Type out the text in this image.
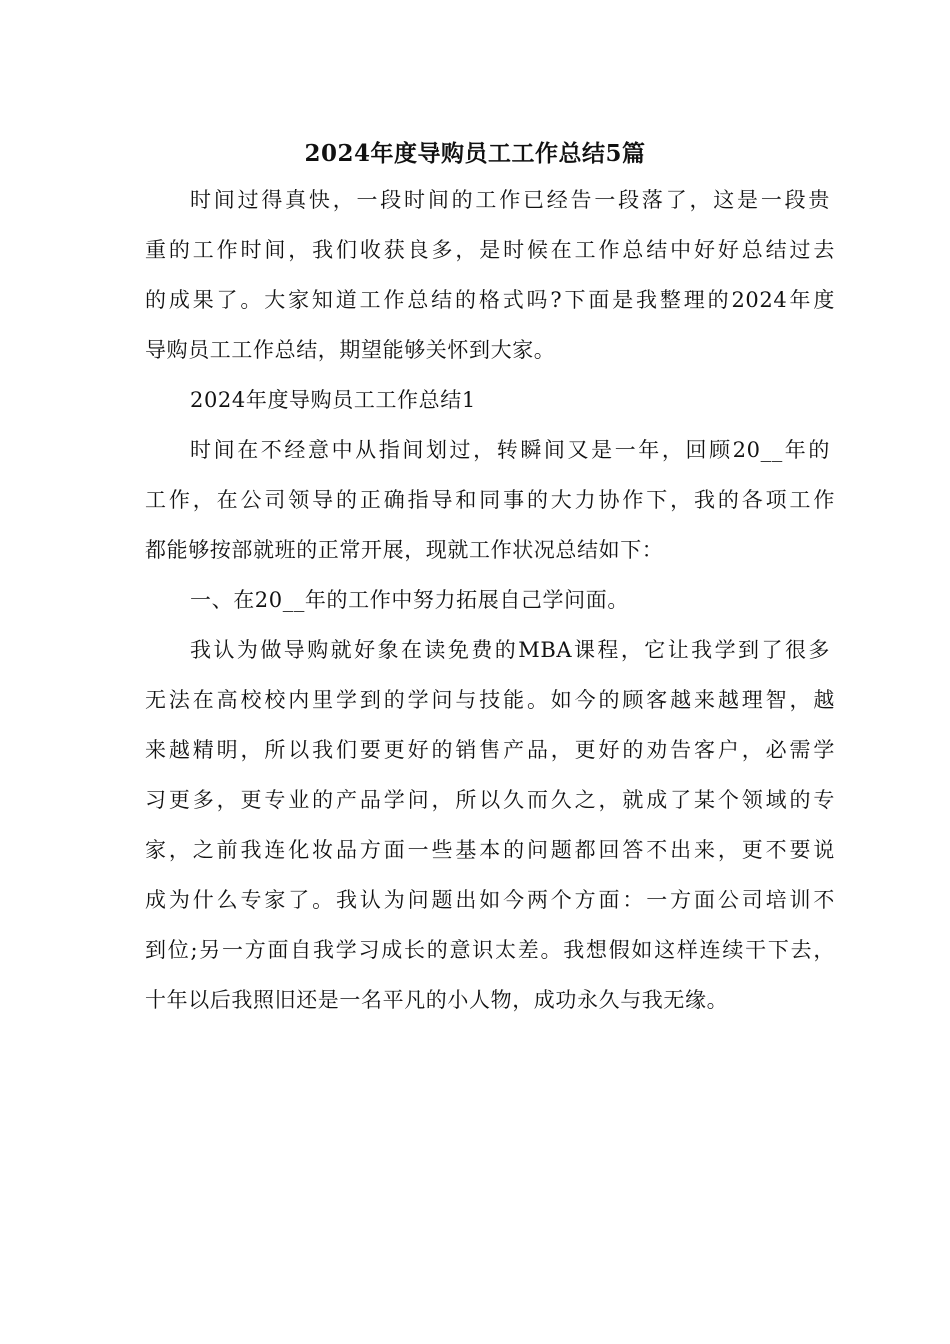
2024年度导购员工工作总结5篇
时间过得真快，一段时间的工作已经告一段落了，这是一段贵
重的工作时间，我们收获良多，是时候在工作总结中好好总结过去
的成果了。大家知道工作总结的格式吗?下面是我整理的2024年度
导购员工工作总结，期望能够关怀到大家。
2024年度导购员工工作总结1
时间在不经意中从指间划过，转瞬间又是一年，回顾20__年的
工作，在公司领导的正确指导和同事的大力协作下，我的各项工作
都能够按部就班的正常开展，现就工作状况总结如下：
一、在20__年的工作中努力拓展自己学问面。
我认为做导购就好象在读免费的MBA课程，它让我学到了很多
无法在高校校内里学到的学问与技能。如今的顾客越来越理智，越
来越精明，所以我们要更好的销售产品，更好的劝告客户，必需学
习更多，更专业的产品学问，所以久而久之，就成了某个领域的专
家，之前我连化妆品方面一些基本的问题都回答不出来，更不要说
成为什么专家了。我认为问题出如今两个方面：一方面公司培训不
到位;另一方面自我学习成长的意识太差。我想假如这样连续干下去，
十年以后我照旧还是一名平凡的小人物，成功永久与我无缘。
